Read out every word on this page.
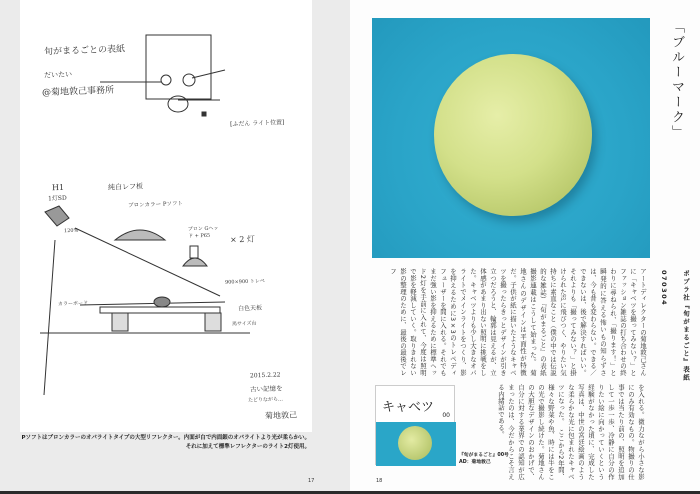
旬がまるごとの表紙
だいたい
@菊地敦己事務所
[ふだん ライト位置]
H1
1灯SD
120%
純白レフ板
ブロンカラー Pソフト
ブロン Gヘッド + P65	× 2 灯
900×900 トレペ
カラーボード
白色天板
馬サイズ台
2015.2.22
古い記憶を
たどりながら…
菊地敦己
Pソフトはブロンカラーのオパライトタイプの大型リフレクター。内面が白で内面銀のオパライトより光が柔らかい。
それに加えて標準レフレクターのライト2灯使用。
17
「ブルーマーク」
ポプラ社『旬がまるごと』表紙
070304
アートディレクターの菊地敦己さんに「キャベツを撮ってみない？」とファッション雑誌の打ち合わせの終わりに尋ねられ、「撮ります！」と瞬発的に答える怖いもの知らずさは、今も昔も変わらない。できる／できないは、後で解決すればいい。それよりも「撮ってみない？」と掛けられた声に飛びつく、やりたい気持ちに素直なこと（僕の中では伝説的な雑誌）『旬がまるごと』の表紙撮影連載はこうして始まった。　菊地さんのデザインは平面性が特徴だ。子供が紙に描いたようなキャベツを撮ったらきっとデザインが引き立つだろうと、輪郭は見えるが、立体感があまり出ない照明に挑戦をした。キャベツよりも少し大きなオパライトでメインライトをつくり、影を抑えるために3×3のトレペディフューザーを間に入れる。それでもまだ強い影を抑えるために標準ヘッド2灯を手前に入れて、今度は照明で影を軽減していく。取りきれない影の整理のために、最後の最後でレフ
を入れる。微力ながら小さな影にのみ有効なもの。物撮りの仕事では当たり前の、照明を追加して一歩一歩、冷静に自分の作りたい絵に向かっていくという経験がなかった頃に、完成した写真は、中世の宮廷絵画のような柔らかな光に包まれたキャベツになった。　ここから2年間、様々な野菜や魚、時には牛をこの光で撮影し続けた。菊地さんの大胆なデザインのおかげで、自分に対する業界での認知が広まったのは、今だからこそ言える内緒話である。
キャベツ
00
『旬がまるごと』00号
AD：菊地敦己
18
